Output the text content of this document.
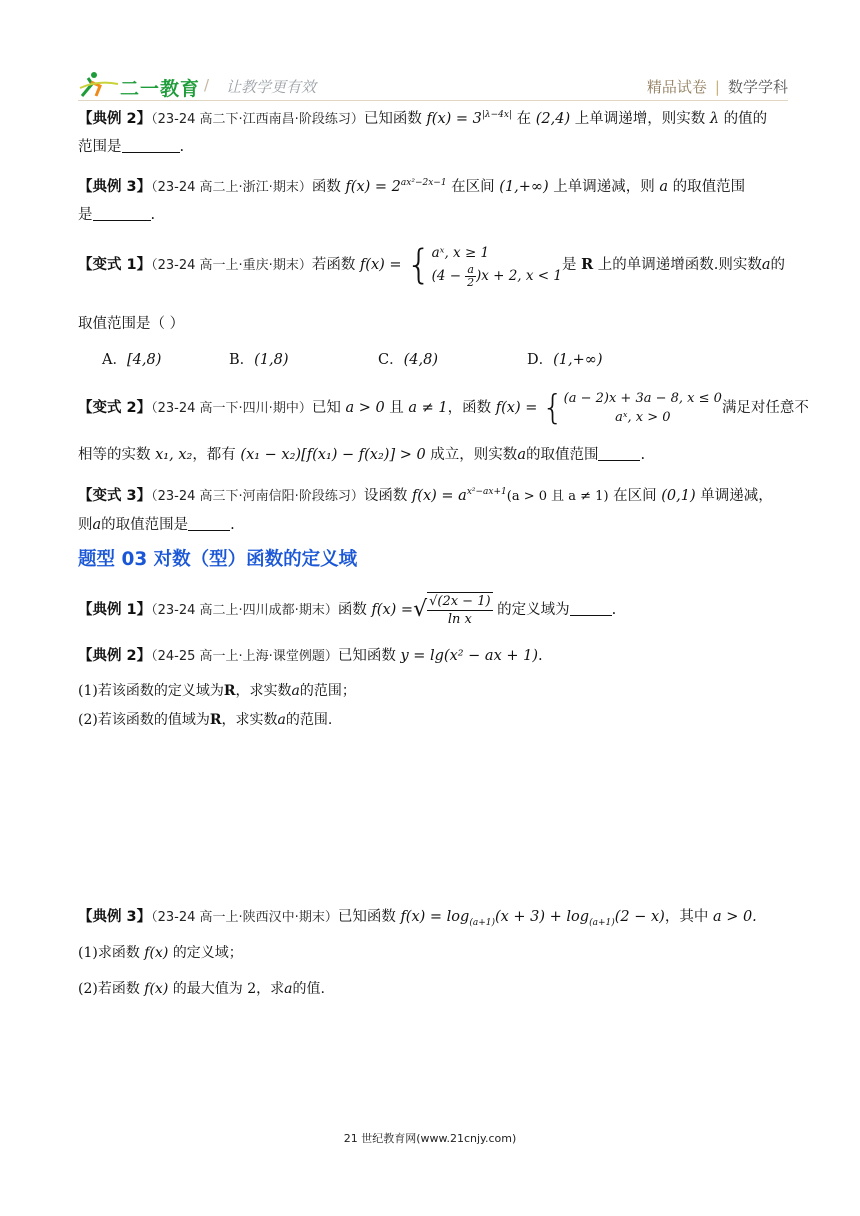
二一教育 / 让教学更有效	精品试卷 | 数学学科
【典例 2】（23-24 高二下·江西南昌·阶段练习）已知函数 $f(x) = 3^{|\lambda-4x|}$ 在 (2,4) 上单调递增，则实数 λ 的值的
范围是	.
【典例 3】（23-24 高二上·浙江·期末）函数 $f(x) = 2^{ax^2-2x-1}$ 在区间 (1,+∞) 上单调递减，则 a 的取值范围
是	.
【变式 1】（23-24 高一上·重庆·期末）若函数 f(x) = { aˣ, x ≥ 1
$(4 - \frac{a}{2} )x + 2$, x < 1
是 R 上的单调递增函数.则实数a的
取值范围是（ ）
A．[4,8)	B．(1,8)	C．(4,8)	D．(1,+∞)
【变式 2】（23-24 高一下·四川·期中）已知 a > 0 且 a ≠ 1，函数 f(x) = { (a − 2)x + 3a − 8, x ≤ 0
aˣ, x > 0
满足对任意不
相等的实数 x₁, x₂，都有 (x₁ − x₂)[f(x₁) − f(x₂)] > 0 成立，则实数a的取值范围	.
【变式 3】（23-24 高三下·河南信阳·阶段练习）设函数 $f(x) = a^{x^2-ax+1}(a > 0$ 且 a ≠ 1) 在区间 (0,1) 单调递减，
则a的取值范围是	.
题型 03 对数（型）函数的定义域
【典例 1】（23-24 高二上·四川成都·期末）函数 f(x) =√ $\frac{√(2x - 1)}{\text{ln x}}$ 的定义域为	.
【典例 2】（24-25 高一上·上海·课堂例题）已知函数 y = lg(x² − ax + 1).
(1)若该函数的定义域为R，求实数a的范围；
(2)若该函数的值域为R，求实数a的范围.
【典例 3】（23-24 高一上·陕西汉中·期末）已知函数 $f(x) = \log_{(a+1)}(x + 3) + \log_{(a+1)}(2 - x)$，其中 a > 0.
(1)求函数 f(x) 的定义域；
(2)若函数 f(x) 的最大值为 2，求a的值.
21 世纪教育网(www.21cnjy.com)
